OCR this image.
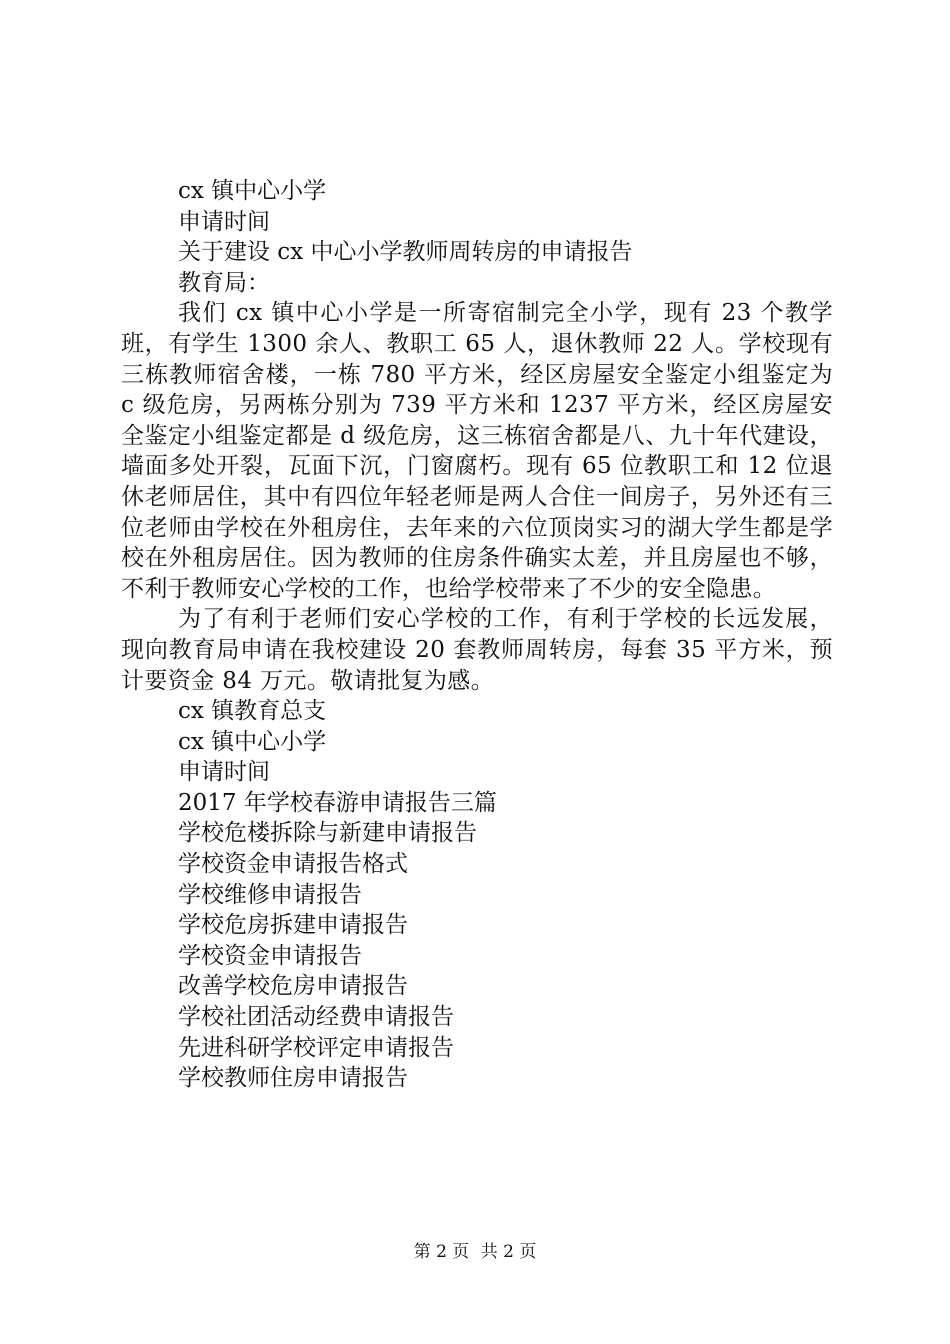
cx 镇中心小学
申请时间
关于建设 cx 中心小学教师周转房的申请报告
教育局：
我们 cx 镇中心小学是一所寄宿制完全小学，现有 23 个教学班，有学生 1300 余人、教职工 65 人，退休教师 22 人。学校现有三栋教师宿舍楼，一栋 780 平方米，经区房屋安全鉴定小组鉴定为 c 级危房，另两栋分别为 739 平方米和 1237 平方米，经区房屋安全鉴定小组鉴定都是 d 级危房，这三栋宿舍都是八、九十年代建设，墙面多处开裂，瓦面下沉，门窗腐朽。现有 65 位教职工和 12 位退休老师居住，其中有四位年轻老师是两人合住一间房子，另外还有三位老师由学校在外租房住，去年来的六位顶岗实习的湖大学生都是学校在外租房居住。因为教师的住房条件确实太差，并且房屋也不够，不利于教师安心学校的工作，也给学校带来了不少的安全隐患。
为了有利于老师们安心学校的工作，有利于学校的长远发展，现向教育局申请在我校建设 20 套教师周转房，每套 35 平方米，预计要资金 84 万元。敬请批复为感。
cx 镇教育总支
cx 镇中心小学
申请时间
2017 年学校春游申请报告三篇
学校危楼拆除与新建申请报告
学校资金申请报告格式
学校维修申请报告
学校危房拆建申请报告
学校资金申请报告
改善学校危房申请报告
学校社团活动经费申请报告
先进科研学校评定申请报告
学校教师住房申请报告
第 2 页 共 2 页
